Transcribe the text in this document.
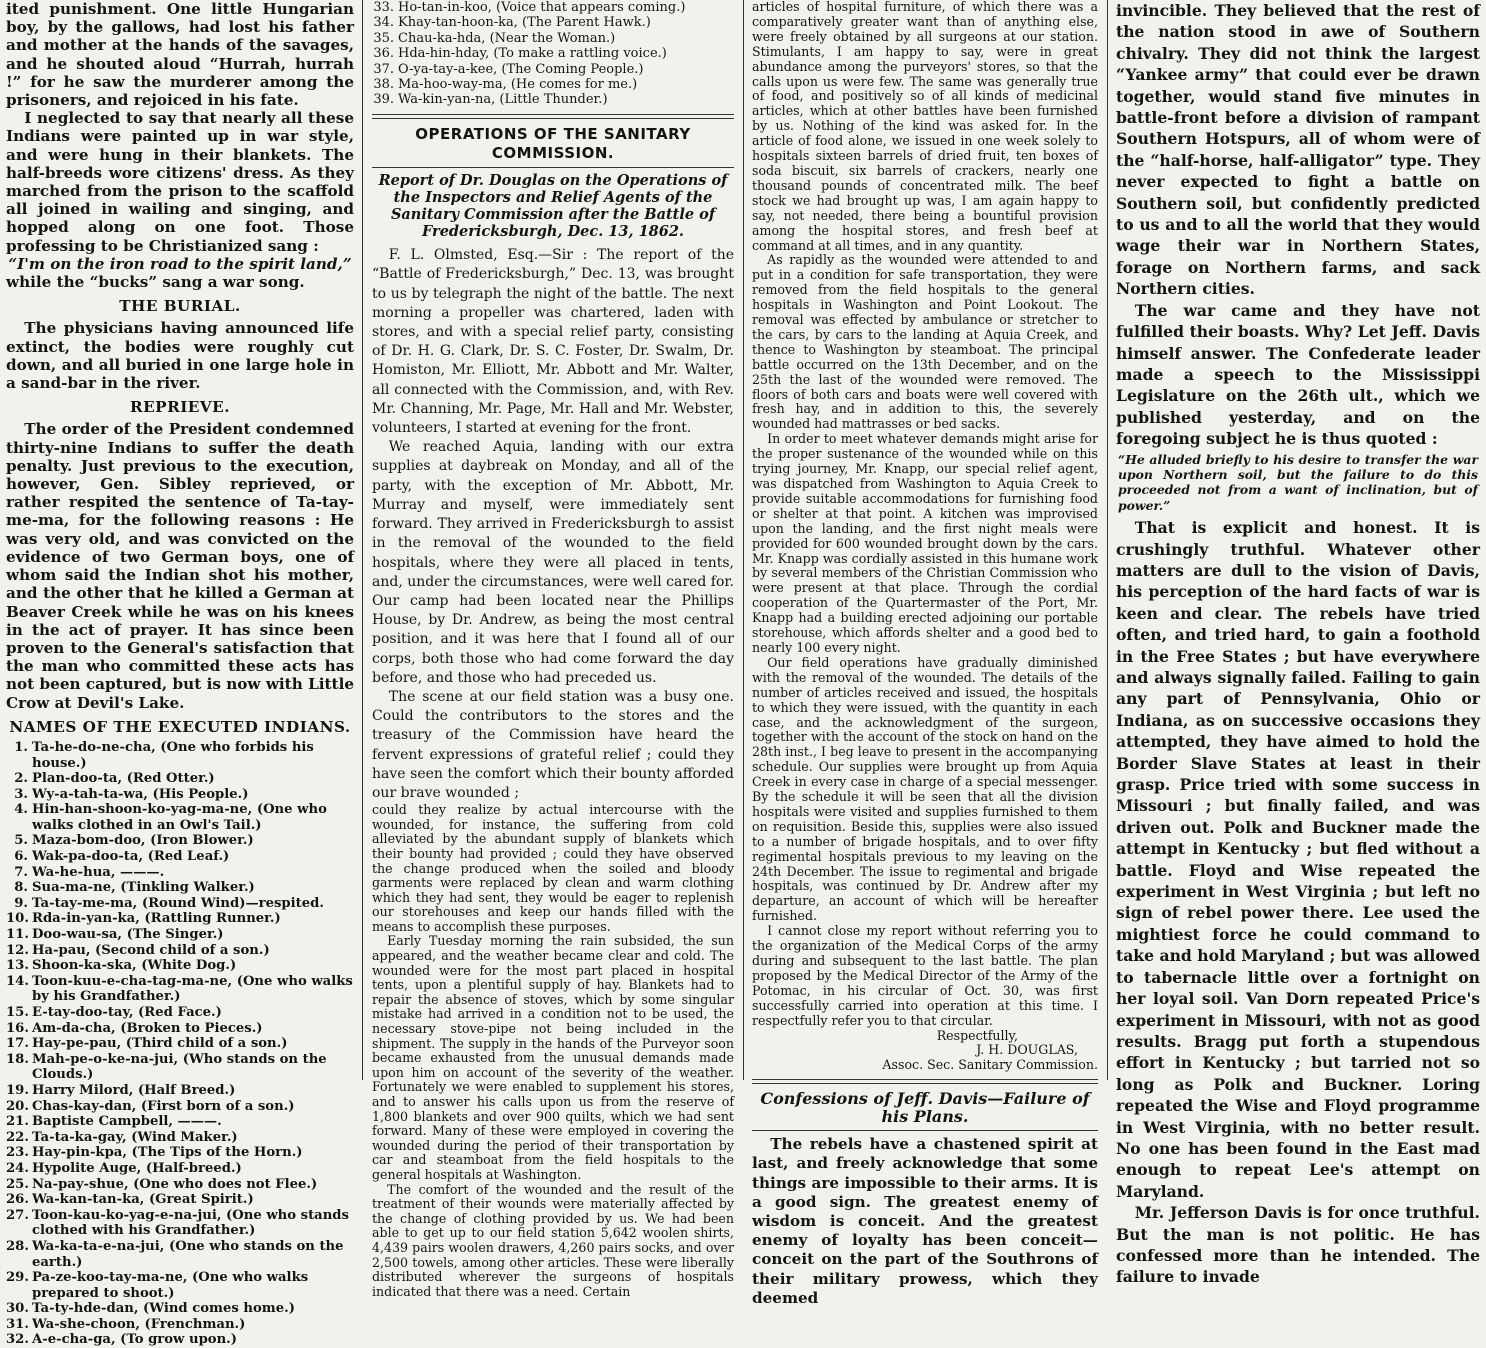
ited punishment. One little Hungarian boy, by the gallows, had lost his father and mother at the hands of the savages, and he shouted aloud “Hurrah, hurrah !” for he saw the murderer among the prisoners, and rejoiced in his fate.

I neglected to say that nearly all these Indians were painted up in war style, and were hung in their blankets. The half-breeds wore citizens' dress. As they marched from the prison to the scaffold all joined in wailing and singing, and hopped along on one foot. Those professing to be Christianized sang :

“I'm on the iron road to the spirit land,”

while the “bucks” sang a war song.

THE BURIAL.

The physicians having announced life extinct, the bodies were roughly cut down, and all buried in one large hole in a sand-bar in the river.

REPRIEVE.

The order of the President condemned thirty-nine Indians to suffer the death penalty. Just previous to the execution, however, Gen. Sibley reprieved, or rather respited the sentence of Ta-tay-me-ma, for the following reasons : He was very old, and was convicted on the evidence of two German boys, one of whom said the Indian shot his mother, and the other that he killed a German at Beaver Creek while he was on his knees in the act of prayer. It has since been proven to the General's satisfaction that the man who committed these acts has not been captured, but is now with Little Crow at Devil's Lake.

NAMES OF THE EXECUTED INDIANS.

1. Ta-he-do-ne-cha, (One who forbids his house.)
2. Plan-doo-ta, (Red Otter.)
3. Wy-a-tah-ta-wa, (His People.)
4. Hin-han-shoon-ko-yag-ma-ne, (One who walks clothed in an Owl's Tail.)
5. Maza-bom-doo, (Iron Blower.)
6. Wak-pa-doo-ta, (Red Leaf.)
7. Wa-he-hua, ———.
8. Sua-ma-ne, (Tinkling Walker.)
9. Ta-tay-me-ma, (Round Wind)—respited.
10. Rda-in-yan-ka, (Rattling Runner.)
11. Doo-wau-sa, (The Singer.)
12. Ha-pau, (Second child of a son.)
13. Shoon-ka-ska, (White Dog.)
14. Toon-kuu-e-cha-tag-ma-ne, (One who walks by his Grandfather.)
15. E-tay-doo-tay, (Red Face.)
16. Am-da-cha, (Broken to Pieces.)
17. Hay-pe-pau, (Third child of a son.)
18. Mah-pe-o-ke-na-jui, (Who stands on the Clouds.)
19. Harry Milord, (Half Breed.)
20. Chas-kay-dan, (First born of a son.)
21. Baptiste Campbell, ———.
22. Ta-ta-ka-gay, (Wind Maker.)
23. Hay-pin-kpa, (The Tips of the Horn.)
24. Hypolite Auge, (Half-breed.)
25. Na-pay-shue, (One who does not Flee.)
26. Wa-kan-tan-ka, (Great Spirit.)
27. Toon-kau-ko-yag-e-na-jui, (One who stands clothed with his Grandfather.)
28. Wa-ka-ta-e-na-jui, (One who stands on the earth.)
29. Pa-ze-koo-tay-ma-ne, (One who walks prepared to shoot.)
30. Ta-ty-hde-dan, (Wind comes home.)
31. Wa-she-choon, (Frenchman.)
32. A-e-cha-ga, (To grow upon.)
33. Ho-tan-in-koo, (Voice that appears coming.)
34. Khay-tan-hoon-ka, (The Parent Hawk.)
35. Chau-ka-hda, (Near the Woman.)
36. Hda-hin-hday, (To make a rattling voice.)
37. O-ya-tay-a-kee, (The Coming People.)
38. Ma-hoo-way-ma, (He comes for me.)
39. Wa-kin-yan-na, (Little Thunder.)
OPERATIONS OF THE SANITARY COMMISSION.

Report of Dr. Douglas on the Operations of the Inspectors and Relief Agents of the Sanitary Commission after the Battle of Fredericksburgh, Dec. 13, 1862.

F. L. Olmsted, Esq.—Sir : The report of the “Battle of Fredericksburgh,” Dec. 13, was brought to us by telegraph the night of the battle. The next morning a propeller was chartered, laden with stores, and with a special relief party, consisting of Dr. H. G. Clark, Dr. S. C. Foster, Dr. Swalm, Dr. Homiston, Mr. Elliott, Mr. Abbott and Mr. Walter, all connected with the Commission, and, with Rev. Mr. Channing, Mr. Page, Mr. Hall and Mr. Webster, volunteers, I started at evening for the front.

We reached Aquia, landing with our extra supplies at daybreak on Monday, and all of the party, with the exception of Mr. Abbott, Mr. Murray and myself, were immediately sent forward. They arrived in Fredericksburgh to assist in the removal of the wounded to the field hospitals, where they were all placed in tents, and, under the circumstances, were well cared for. Our camp had been located near the Phillips House, by Dr. Andrew, as being the most central position, and it was here that I found all of our corps, both those who had come forward the day before, and those who had preceded us.

The scene at our field station was a busy one. Could the contributors to the stores and the treasury of the Commission have heard the fervent expressions of grateful relief ; could they have seen the comfort which their bounty afforded our brave wounded ;

could they realize by actual intercourse with the wounded, for instance, the suffering from cold alleviated by the abundant supply of blankets which their bounty had provided ; could they have observed the change produced when the soiled and bloody garments were replaced by clean and warm clothing which they had sent, they would be eager to replenish our storehouses and keep our hands filled with the means to accomplish these purposes.

Early Tuesday morning the rain subsided, the sun appeared, and the weather became clear and cold. The wounded were for the most part placed in hospital tents, upon a plentiful supply of hay. Blankets had to repair the absence of stoves, which by some singular mistake had arrived in a condition not to be used, the necessary stove-pipe not being included in the shipment. The supply in the hands of the Purveyor soon became exhausted from the unusual demands made upon him on account of the severity of the weather. Fortunately we were enabled to supplement his stores, and to answer his calls upon us from the reserve of 1,800 blankets and over 900 quilts, which we had sent forward. Many of these were employed in covering the wounded during the period of their transportation by car and steamboat from the field hospitals to the general hospitals at Washington.

The comfort of the wounded and the result of the treatment of their wounds were materially affected by the change of clothing provided by us. We had been able to get up to our field station 5,642 woolen shirts, 4,439 pairs woolen drawers, 4,260 pairs socks, and over 2,500 towels, among other articles. These were liberally distributed wherever the surgeons of hospitals indicated that there was a need. Certain

articles of hospital furniture, of which there was a comparatively greater want than of anything else, were freely obtained by all surgeons at our station. Stimulants, I am happy to say, were in great abundance among the purveyors' stores, so that the calls upon us were few. The same was generally true of food, and positively so of all kinds of medicinal articles, which at other battles have been furnished by us. Nothing of the kind was asked for. In the article of food alone, we issued in one week solely to hospitals sixteen barrels of dried fruit, ten boxes of soda biscuit, six barrels of crackers, nearly one thousand pounds of concentrated milk. The beef stock we had brought up was, I am again happy to say, not needed, there being a bountiful provision among the hospital stores, and fresh beef at command at all times, and in any quantity.

As rapidly as the wounded were attended to and put in a condition for safe transportation, they were removed from the field hospitals to the general hospitals in Washington and Point Lookout. The removal was effected by ambulance or stretcher to the cars, by cars to the landing at Aquia Creek, and thence to Washington by steamboat. The principal battle occurred on the 13th December, and on the 25th the last of the wounded were removed. The floors of both cars and boats were well covered with fresh hay, and in addition to this, the severely wounded had mattrasses or bed sacks.

In order to meet whatever demands might arise for the proper sustenance of the wounded while on this trying journey, Mr. Knapp, our special relief agent, was dispatched from Washington to Aquia Creek to provide suitable accommodations for furnishing food or shelter at that point. A kitchen was improvised upon the landing, and the first night meals were provided for 600 wounded brought down by the cars. Mr. Knapp was cordially assisted in this humane work by several members of the Christian Commission who were present at that place. Through the cordial cooperation of the Quartermaster of the Port, Mr. Knapp had a building erected adjoining our portable storehouse, which affords shelter and a good bed to nearly 100 every night.

Our field operations have gradually diminished with the removal of the wounded. The details of the number of articles received and issued, the hospitals to which they were issued, with the quantity in each case, and the acknowledgment of the surgeon, together with the account of the stock on hand on the 28th inst., I beg leave to present in the accompanying schedule. Our supplies were brought up from Aquia Creek in every case in charge of a special messenger. By the schedule it will be seen that all the division hospitals were visited and supplies furnished to them on requisition. Beside this, supplies were also issued to a number of brigade hospitals, and to over fifty regimental hospitals previous to my leaving on the 24th December. The issue to regimental and brigade hospitals, was continued by Dr. Andrew after my departure, an account of which will be hereafter furnished.

I cannot close my report without referring you to the organization of the Medical Corps of the army during and subsequent to the last battle. The plan proposed by the Medical Director of the Army of the Potomac, in his circular of Oct. 30, was first successfully carried into operation at this time. I respectfully refer you to that circular.

Respectfully,

J. H. DOUGLAS,

Assoc. Sec. Sanitary Commission.

Confessions of Jeff. Davis—Failure of his Plans.

The rebels have a chastened spirit at last, and freely acknowledge that some things are impossible to their arms. It is a good sign. The greatest enemy of wisdom is conceit. And the greatest enemy of loyalty has been conceit—conceit on the part of the Southrons of their military prowess, which they deemed

invincible. They believed that the rest of the nation stood in awe of Southern chivalry. They did not think the largest “Yankee army” that could ever be drawn together, would stand five minutes in battle-front before a division of rampant Southern Hotspurs, all of whom were of the “half-horse, half-alligator” type. They never expected to fight a battle on Southern soil, but confidently predicted to us and to all the world that they would wage their war in Northern States, forage on Northern farms, and sack Northern cities.

The war came and they have not fulfilled their boasts. Why? Let Jeff. Davis himself answer. The Confederate leader made a speech to the Mississippi Legislature on the 26th ult., which we published yesterday, and on the foregoing subject he is thus quoted :

“He alluded briefly to his desire to transfer the war upon Northern soil, but the failure to do this proceeded not from a want of inclination, but of power.”

That is explicit and honest. It is crushingly truthful. Whatever other matters are dull to the vision of Davis, his perception of the hard facts of war is keen and clear. The rebels have tried often, and tried hard, to gain a foothold in the Free States ; but have everywhere and always signally failed. Failing to gain any part of Pennsylvania, Ohio or Indiana, as on successive occasions they attempted, they have aimed to hold the Border Slave States at least in their grasp. Price tried with some success in Missouri ; but finally failed, and was driven out. Polk and Buckner made the attempt in Kentucky ; but fled without a battle. Floyd and Wise repeated the experiment in West Virginia ; but left no sign of rebel power there. Lee used the mightiest force he could command to take and hold Maryland ; but was allowed to tabernacle little over a fortnight on her loyal soil. Van Dorn repeated Price's experiment in Missouri, with not as good results. Bragg put forth a stupendous effort in Kentucky ; but tarried not so long as Polk and Buckner. Loring repeated the Wise and Floyd programme in West Virginia, with no better result. No one has been found in the East mad enough to repeat Lee's attempt on Maryland.

Mr. Jefferson Davis is for once truthful. But the man is not politic. He has confessed more than he intended. The failure to invade
